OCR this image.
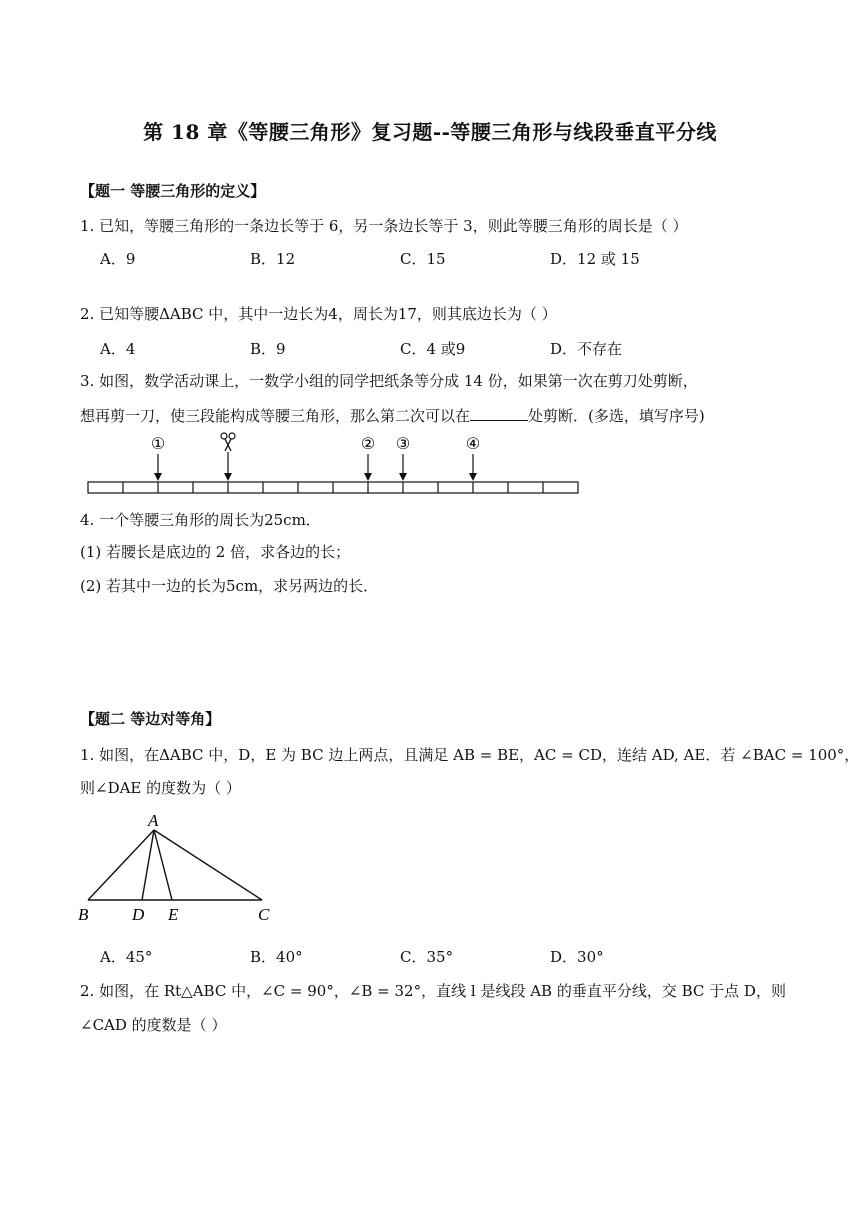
第 18 章《等腰三角形》复习题--等腰三角形与线段垂直平分线
【题一 等腰三角形的定义】
1. 已知，等腰三角形的一条边长等于 6，另一条边长等于 3，则此等腰三角形的周长是（ ）
A．9	B．12	C．15	D．12 或 15
2. 已知等腰ΔABC 中，其中一边长为4，周长为17，则其底边长为（ ）
A．4	B．9	C．4 或9	D．不存在
3. 如图，数学活动课上，一数学小组的同学把纸条等分成 14 份，如果第一次在剪刀处剪断，
想再剪一刀，使三段能构成等腰三角形，那么第二次可以在	处剪断．(多选，填写序号)
①	② ③	④
4. 一个等腰三角形的周长为25cm．
(1) 若腰长是底边的 2 倍，求各边的长；
(2) 若其中一边的长为5cm，求另两边的长．
【题二 等边对等角】
1. 如图，在ΔABC 中，D，E 为 BC 边上两点，且满足 AB = BE，AC = CD，连结 AD, AE．若 ∠BAC = 100°，
则∠DAE 的度数为（ ）
A
B	D E	C
A．45°	B．40°	C．35°	D．30°
2. 如图，在 Rt△ABC 中，∠C = 90°，∠B = 32°，直线 l 是线段 AB 的垂直平分线，交 BC 于点 D，则
∠CAD 的度数是（ ）
